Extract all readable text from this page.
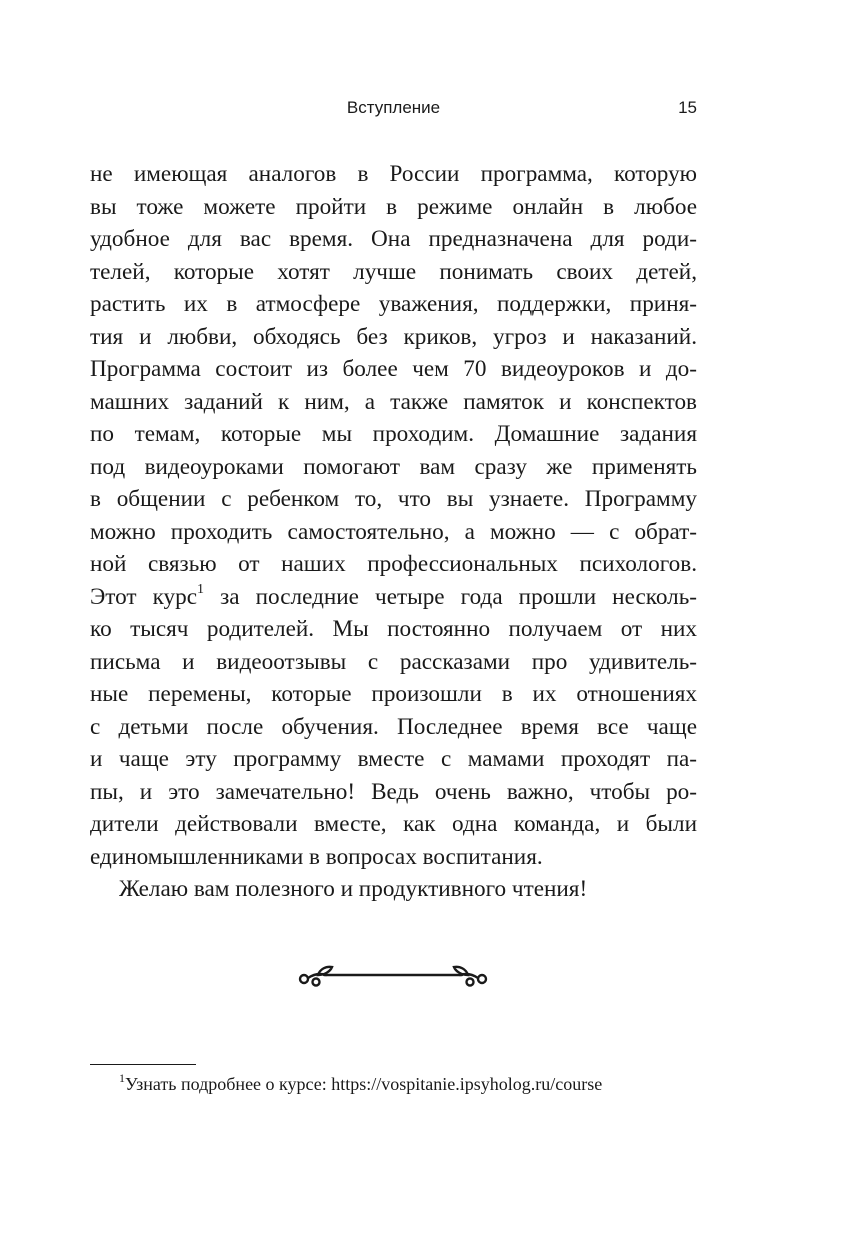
Вступление	15
не имеющая аналогов в России программа, которую
вы тоже можете пройти в режиме онлайн в любое
удобное для вас время. Она предназначена для роди-
телей, которые хотят лучше понимать своих детей,
растить их в атмосфере уважения, поддержки, приня-
тия и любви, обходясь без криков, угроз и наказаний.
Программа состоит из более чем 70 видеоуроков и до-
машних заданий к ним, а также памяток и конспектов
по темам, которые мы проходим. Домашние задания
под видеоуроками помогают вам сразу же применять
в общении с ребенком то, что вы узнаете. Программу
можно проходить самостоятельно, а можно — с обрат-
ной связью от наших профессиональных психологов.
Этот курс$^1$ за последние четыре года прошли несколь-
ко тысяч родителей. Мы постоянно получаем от них
письма и видеоотзывы с рассказами про удивитель-
ные перемены, которые произошли в их отношениях
с детьми после обучения. Последнее время все чаще
и чаще эту программу вместе с мамами проходят па-
пы, и это замечательно! Ведь очень важно, чтобы ро-
дители действовали вместе, как одна команда, и были
единомышленниками в вопросах воспитания.
Желаю вам полезного и продуктивного чтения!
$^1$Узнать подробнее о курсе: https://vospitanie.ipsyholog.ru/course
